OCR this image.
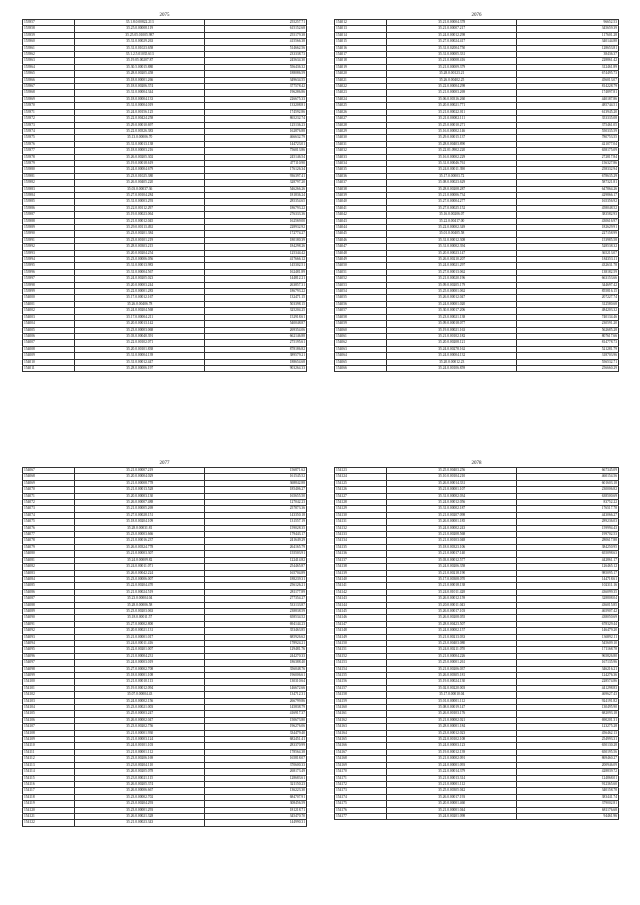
2075
153957	35.1.8.0.00822.213	255257.71
153958	35.25.0.00008.119	615152.68
153959	35.25.05.01005.987	255179.38
153960	35.31.0.00029.263	415566.38
153961	35.31.0.01023.658	514662.56
153962	35.1.2.5.01035.613	233338.73
153963	35.19.05.00207.87	245634.30
153964	35.30.5.00015.880	556436.32
153965	35.28.0.00205.458	188086.59
153966	35.18.0.00001.266	349634.55
153967	35.18.0.00206.374	377578.42
153968	35.31.0.00004.344	196286.86
153969	35.18.0.00004.133	226675.33
153970	35.31.0.00004.019	133208.81
153971	35.24.0.00156.125	174592.86
153972	35.22.0.00424.258	865232.74
153973	35.29.0.00010.697	125136.23
153974	35.22.0.00326.383	162876.88
153975	35.13.0.00006.70	466632.79
153976	35.31.0.00013.138	144723.01
153977	35.18.0.00003.216	756013.86
153978	35.26.0.00205.302	245146.54
153979	35.19.0.00018.619	477110.90
153980	35.24.0.00004.679	176126.34
153981	35.23.0.01025.380	936397.41
153982	35.26.0.00405.220	328797.20
153983	35.03.0.00037.36	546266.26
153984	35.27.0.00104.284	181836.24
153985	35.31.0.00003.293	285354.65
153986	35.22.0.00112.297	186793.22
153987	35.19.0.00023.064	276333.36
153988	35.21.0.00012.045	162569.00
153989	35.29.0.00113.492	228932.92
153990	35.23.0.00201.384	172774.27
153991	35.23.0.00101.219	180180.39
153992	35.28.0.00303.215	184298.26
153993	35.20.0.00204.254	125344.42
153994	35.23.0.00006.056	417666.12
153995	35.31.0.00013.983	145302.51
153996	35.31.0.00004.567	162481.89
153997	35.24.0.00205.023	144812.21
153998	35.20.0.00003.244	263857.31
153999	35.22.0.00001.283	186793.22
154000	35.17.0.00012.167	132471.15
154001	35.26.0.00406.78	503398.15
154002	35.24.0.00204.568	325204.25
154003	35.17.0.00004.211	152918.61
154004	35.20.0.00013.142	540048.87
154005	35.23.0.00003.068	269354.06
154006	35.03.0.00040.391	662146.88
154007	35.22.0.00102.071	275195.61
154008	35.20.0.00101.838	878186.82
154009	35.31.0.00004.139	389579.21
154010	35.31.0.00012.447	188654.68
154011	35.28.0.00006.197	903264.33
2076
154012	35.21.0.00004.378	96652.53
154013	35.21.0.00007.217	345659.39
154014	35.24.0.00012.298	117601.28
154015	35.27.0.00024.417	340144.88
154016	35.31.0.02004.750	128653.81
154017	35.31.0.00005.331	38436.37
154018	35.21.0.00008.416	228861.42
154019	35.21.0.00009.379	312461.89
154020	35.28.0.00123.21	674495.73
154021	35.26.0.00402.25	456013.07
154022	35.22.0.00004.298	814228.79
154023	35.21.0.00003.269	174897.81
154024	35.06.0.00316.260	440187.86
154025	35.20.0.00021.771	485744.51
154026	35.21.0.00022.011	613945.20
154027	35.21.0.00002.111	353335.08
154028	35.25.0.00010.271	375461.05
154029	35.16.0.00002.146	550335.59
154030	35.29.0.00015.137	780753.55
154031	35.28.0.00403.890	421077.04
154032	35.22.01.0902.220	658175.09
154033	35.16.0.00002.229	272817.84
154034	35.31.0.00046.761	156327.86
154035	35.24.0.00011.390	258332.94
154036	35.17.0.00003.72	678635.29
154037	35.08.0.00023.629	587321.81
154038	35.28.0.00208.287	647864.26
154039	35.21.0.00006.734	429866.17
154040	35.27.0.00004.277	165356.92
154041	35.27.0.00025.152	458048.52
154042	35.16.0.00206.07	383582.93
154043	35.22.0.00417.00	430616.97
154044	35.22.0.00002.349	182629.91
154045	35.01.0.00405.58	227158.99
154046	35.31.0.00012.308	153985.58
154047	35.31.0.00002.394	528538.32
154048	35.20.0.00023.147	365213.07
154049	35.26.0.00210.207	184353.11
154050	35.24.0.00021.297	432631.78
154051	35.27.0.00013.062	138182.59
154052	35.21.0.00020.196	663153.66
154053	35.09.0.00205.179	344697.42
154054	35.25.0.00001.062	855816.15
154055	35.26.0.00012.047	207227.74
154056	35.24.0.00001.020	312580.68
154057	35.30.0.00017.206	484203.32
154058	35.23.0.00021.138	740134.46
154059	35.09.0.00018.077	230591.20
154060	35.19.0.00021.163	562685.28
154061	35.21.0.00102.182	807617.66
154062	35.20.0.00208.121	814778.73
154063	35.24.0.00278.162	521281.79
154064	35.24.0.00004.132	318703.96
154065	35.20.0.00012.23	556532.71
154066	35.24.0.00106.859	256660.29
2077
154067	35.21.0.00007.219	156871.62
154068	35.20.0.00004.029	161545.52
154069	35.21.0.00008.778	368842.88
154070	35.21.0.00013.528	185406.27
154071	35.20.0.00003.130	165655.50
154072	35.26.0.00007.488	127042.23
154073	35.21.0.00005.269	257873.36
154074	35.27.0.00028.151	143350.18
154075	35.18.0.00204.109	131557.19
154076	35.28.0.00031.81	159028.35
154077	35.23.0.00003.666	179443.17
154078	35.21.0.00016.237	241649.29
154079	35.26.0.00324.778	264165.79
154080	35.21.0.00003.307	155503.91
154081	35.24.0.00009.82	122414.82
154082	35.24.0.00011.071	254465.87
154083	35.26.0.00042.224	165704.89
154084	35.23.0.00006.007	188239.31
154085	35.22.0.00204.470	256126.21
154086	35.21.0.00024.519	281177.89
154087	35.23.0.00004.04	277354.27
154088	35.28.0.00006.58	533133.87
154089	35.23.0.00203.063	238838.59
154090	35.18.0.00011.57	658534.52
154091	35.27.0.00002.800	694144.23
154092	35.20.0.00021.131	353463.85
154093	35.21.0.00001.017	685926.62
154094	35.24.0.00011.416	178924.21
154095	35.22.0.00201.007	129481.76
154096	35.21.0.00004.231	244270.33
154097	35.24.0.00003.019	186388.40
154098	35.27.0.00002.708	356048.76
154099	35.18.0.00001.108	196006.61
154100	35.21.0.00010.113	130310.64
154101	35.19.0.00012.094	146672.66
154102	35.07.0.00004.43	134712.31
154103	35.24.0.00002.156	266799.86
154104	35.23.0.00021.003	145838.79
154105	35.25.0.00003.247	416917.37
154106	35.26.0.00002.047	150673.80
154107	35.23.0.00202.756	196276.06
154108	35.21.0.00001.930	334479.40
154109	35.21.0.00003.124	682451.41
154110	35.24.0.00101.103	283370.99
154111	35.21.0.00001.112	178564.38
154112	35.23.0.00206.169	165818.07
154113	35.23.0.00204.110	370600.33
154114	35.26.0.00205.078	268173.49
154115	35.23.0.00021.115	128683.61
154116	35.26.0.00205.374	321150.23
154117	35.26.0.00006.667	136223.30
154118	35.23.0.00002.702	684707.91
154119	35.23.0.00204.293	308456.59
154120	35.23.0.00001.293	181218.71
154121	35.26.0.00021.328	345470.70
154122	35.21.0.00023.343	144990.31
2078
154123	35.25.0.00403.256	667345.09
154124	35.10.0.00104.210	460154.56
154125	35.26.0.00014.331	601603.18
154126	35.21.0.00001.107	230006.82
154127	35.31.0.00002.034	638500.69
154128	35.24.0.00012.056	83752.22
154129	35.31.0.00002.187	176517.78
154130	35.21.0.00207.098	443066.27
154131	35.26.0.00001.185	289236.03
154132	35.24.0.00002.243	159994.43
154133	35.21.0.00208.568	199702.53
154134	35.21.0.00103.048	280617.88
154135	35.18.0.00323.106	384250.95
154136	35.21.0.00017.140	655098.63
154137	35.03.0.00012.577	442861.17
154138	35.24.0.00206.358	126465.12
154139	35.21.0.00218.190	985095.17
154140	35.17.0.00308.070	144718.61
154141	35.21.0.00018.138	102311.16
154142	35.24.0.01011.428	436099.35
154143	35.26.0.00012.159	328808.04
154144	35.20.0.00011.043	436015.85
154145	35.26.0.00017.103	465907.42
154146	35.26.0.00208.055	438050.69
154147	35.28.0.00423.507	678329.44
154148	35.24.0.00002.157	146479.20
154149	35.21.0.00213.033	136892.11
154150	35.23.0.00403.080	545609.10
154151	35.24.0.00211.070	171168.78
154152	35.21.0.00004.226	965826.80
154153	35.25.0.00001.261	167135.96
154154	35.21.0.00206.037	346216.21
154155	35.26.0.00305.181	124276.36
154156	35.19.0.00024.130	228574.86
154157	35.02.0.00220.003	441298.83
154158	35.17.0.00010.04	469627.43
154159	35.01.0.00001.112	924191.82
154160	35.08.0.00019.147	130495.90
154161	35.26.0.00103.176	682093.18
154162	35.21.0.00002.021	690201.31
154163	35.28.0.00001.184	123275.28
154164	35.23.0.00012.023	456462.13
154165	35.22.0.00102.108	254993.31
154166	35.24.0.00003.123	650130.28
154167	35.19.0.00012.139	650195.56
154168	35.21.0.00002.091	869460.27
154169	35.24.0.00001.093	200946.09
154170	35.22.0.00014.379	428839.72
154171	35.21.0.00013.314	124868.01
154172	35.21.0.00001.112	912365.60
154173	35.25.0.00305.042	340158.78
154174	35.26.0.00017.193	383441.74
154175	35.20.0.00001.460	379002.81
154176	35.21.0.00001.044	681176.68
154177	35.24.0.00201.098	94461.96
